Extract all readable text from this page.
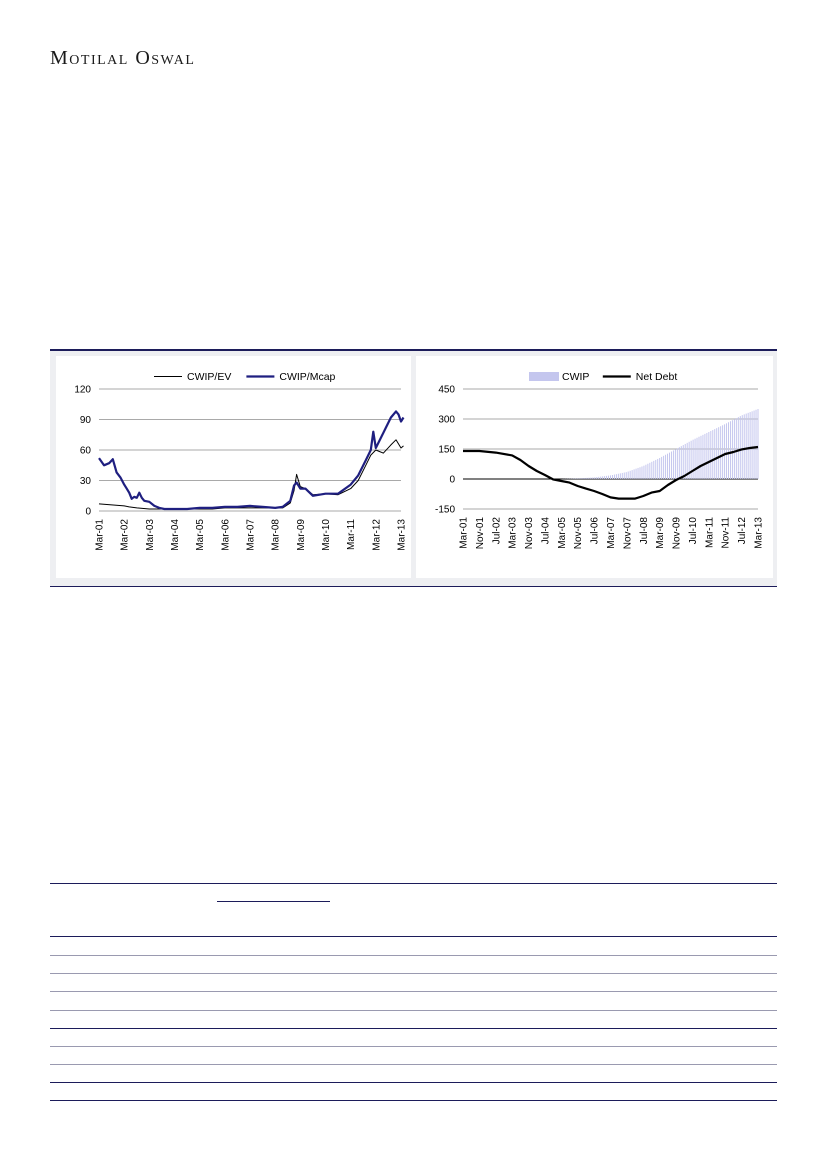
Motilal Oswal
0
30
60
90
120
Mar-01 Mar-02 Mar-03 Mar-04 Mar-05 Mar-06 Mar-07 Mar-08 Mar-09 Mar-10 Mar-11 Mar-12 Mar-13
CWIP/EV	CWIP/Mcap
-150
0
150
300
450
Mar-01 Nov-01 Jul-02 Mar-03 Nov-03 Jul-04 Mar-05 Nov-05 Jul-06 Mar-07 Nov-07 Jul-08 Mar-09 Nov-09 Jul-10 Mar-11 Nov-11 Jul-12 Mar-13
CWIP	Net Debt
